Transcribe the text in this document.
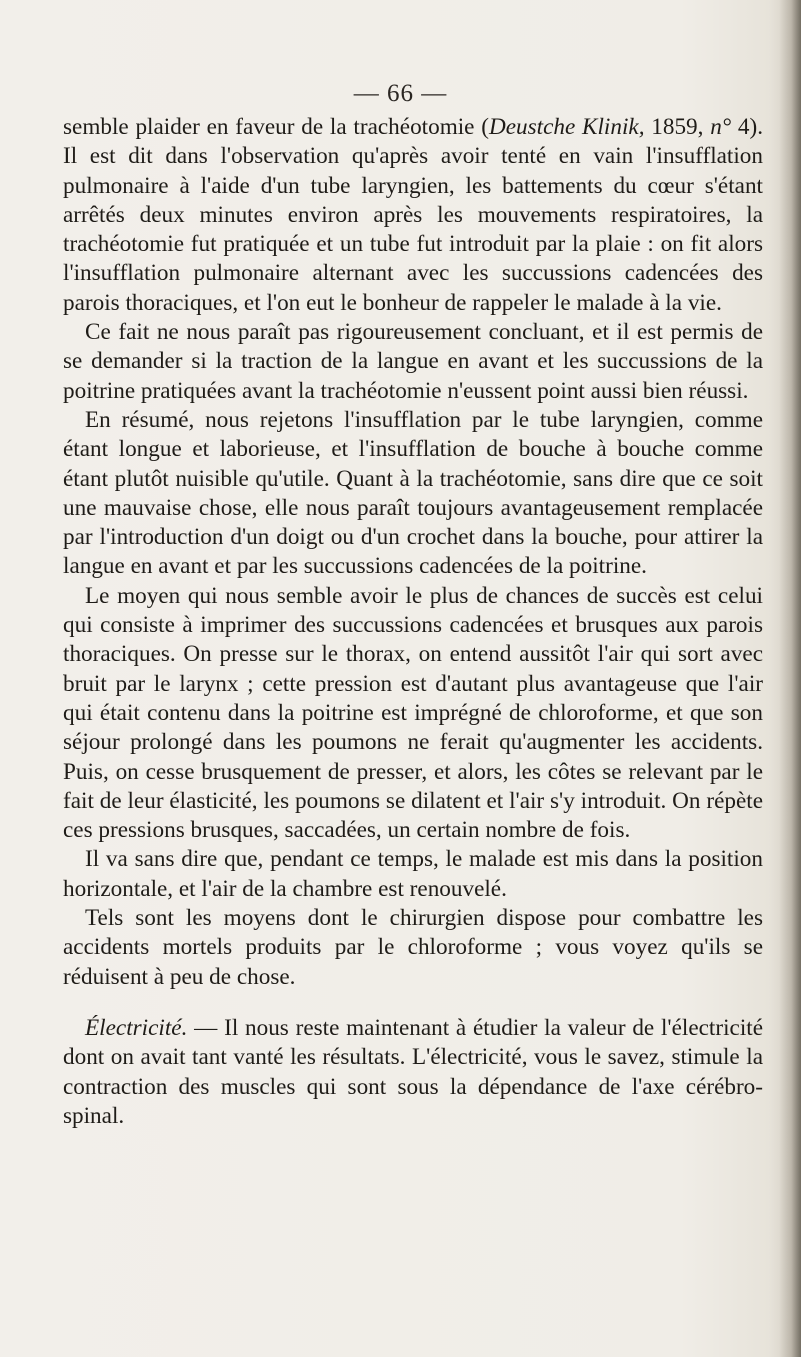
— 66 —

semble plaider en faveur de la trachéotomie (Deustche Klinik, 1859, n° 4). Il est dit dans l'observation qu'après avoir tenté en vain l'insufflation pulmonaire à l'aide d'un tube laryngien, les battements du cœur s'étant arrêtés deux minutes environ après les mouvements respiratoires, la trachéotomie fut pratiquée et un tube fut introduit par la plaie : on fit alors l'insufflation pulmonaire alternant avec les succussions cadencées des parois thoraciques, et l'on eut le bonheur de rappeler le malade à la vie.

Ce fait ne nous paraît pas rigoureusement concluant, et il est permis de se demander si la traction de la langue en avant et les succussions de la poitrine pratiquées avant la trachéotomie n'eussent point aussi bien réussi.

En résumé, nous rejetons l'insufflation par le tube laryngien, comme étant longue et laborieuse, et l'insufflation de bouche à bouche comme étant plutôt nuisible qu'utile. Quant à la trachéotomie, sans dire que ce soit une mauvaise chose, elle nous paraît toujours avantageusement remplacée par l'introduction d'un doigt ou d'un crochet dans la bouche, pour attirer la langue en avant et par les succussions cadencées de la poitrine.

Le moyen qui nous semble avoir le plus de chances de succès est celui qui consiste à imprimer des succussions cadencées et brusques aux parois thoraciques. On presse sur le thorax, on entend aussitôt l'air qui sort avec bruit par le larynx ; cette pression est d'autant plus avantageuse que l'air qui était contenu dans la poitrine est imprégné de chloroforme, et que son séjour prolongé dans les poumons ne ferait qu'augmenter les accidents. Puis, on cesse brusquement de presser, et alors, les côtes se relevant par le fait de leur élasticité, les poumons se dilatent et l'air s'y introduit. On répète ces pressions brusques, saccadées, un certain nombre de fois.

Il va sans dire que, pendant ce temps, le malade est mis dans la position horizontale, et l'air de la chambre est renouvelé.

Tels sont les moyens dont le chirurgien dispose pour combattre les accidents mortels produits par le chloroforme ; vous voyez qu'ils se réduisent à peu de chose.

Électricité. — Il nous reste maintenant à étudier la valeur de l'électricité dont on avait tant vanté les résultats. L'électricité, vous le savez, stimule la contraction des muscles qui sont sous la dépendance de l'axe cérébro-spinal.
